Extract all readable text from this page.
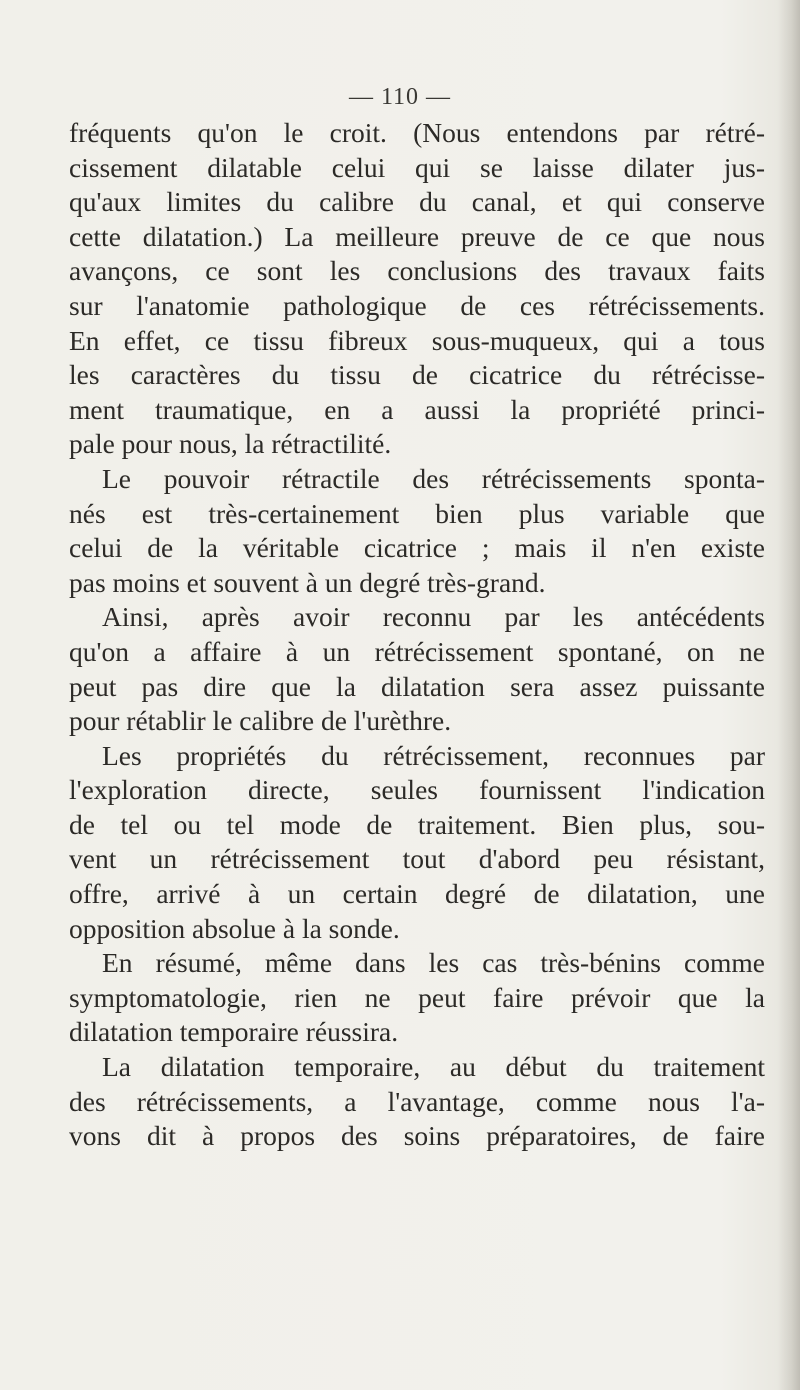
— 110 —
fréquents qu'on le croit. (Nous entendons par rétré-
cissement dilatable celui qui se laisse dilater jus-
qu'aux limites du calibre du canal, et qui conserve
cette dilatation.) La meilleure preuve de ce que nous
avançons, ce sont les conclusions des travaux faits
sur l'anatomie pathologique de ces rétrécissements.
En effet, ce tissu fibreux sous-muqueux, qui a tous
les caractères du tissu de cicatrice du rétrécisse-
ment traumatique, en a aussi la propriété princi-
pale pour nous, la rétractilité.
Le pouvoir rétractile des rétrécissements sponta-
nés est très-certainement bien plus variable que
celui de la véritable cicatrice ; mais il n'en existe
pas moins et souvent à un degré très-grand.
Ainsi, après avoir reconnu par les antécédents
qu'on a affaire à un rétrécissement spontané, on ne
peut pas dire que la dilatation sera assez puissante
pour rétablir le calibre de l'urèthre.
Les propriétés du rétrécissement, reconnues par
l'exploration directe, seules fournissent l'indication
de tel ou tel mode de traitement. Bien plus, sou-
vent un rétrécissement tout d'abord peu résistant,
offre, arrivé à un certain degré de dilatation, une
opposition absolue à la sonde.
En résumé, même dans les cas très-bénins comme
symptomatologie, rien ne peut faire prévoir que la
dilatation temporaire réussira.
La dilatation temporaire, au début du traitement
des rétrécissements, a l'avantage, comme nous l'a-
vons dit à propos des soins préparatoires, de faire
